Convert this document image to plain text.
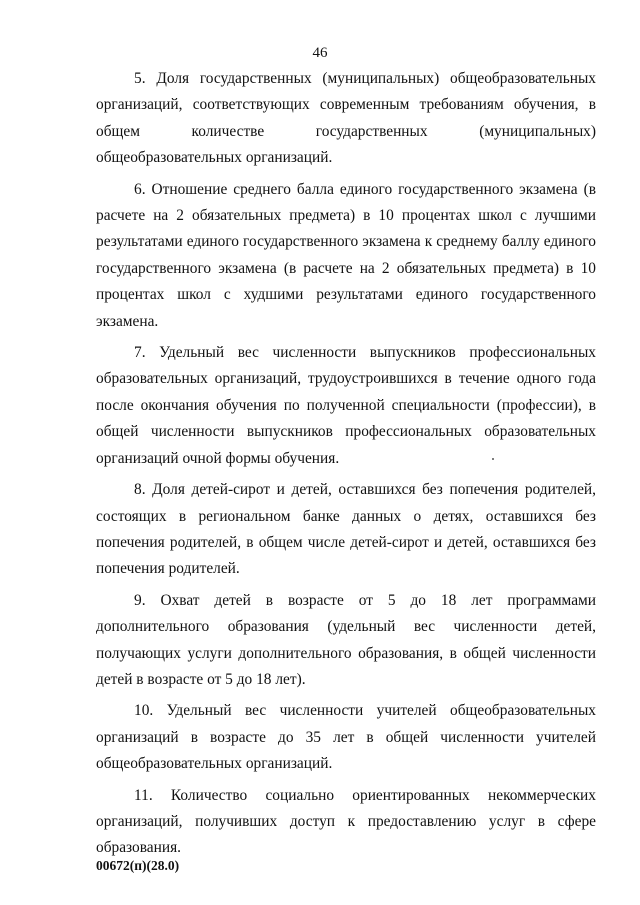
46

5. Доля государственных (муниципальных) общеобразовательных организаций, соответствующих современным требованиям обучения, в общем количестве государственных (муниципальных) общеобразовательных организаций.

6. Отношение среднего балла единого государственного экзамена (в расчете на 2 обязательных предмета) в 10 процентах школ с лучшими результатами единого государственного экзамена к среднему баллу единого государственного экзамена (в расчете на 2 обязательных предмета) в 10 процентах школ с худшими результатами единого государственного экзамена.

7. Удельный вес численности выпускников профессиональных образовательных организаций, трудоустроившихся в течение одного года после окончания обучения по полученной специальности (профессии), в общей численности выпускников профессиональных образовательных организаций очной формы обучения.

8. Доля детей-сирот и детей, оставшихся без попечения родителей, состоящих в региональном банке данных о детях, оставшихся без попечения родителей, в общем числе детей-сирот и детей, оставшихся без попечения родителей.

9. Охват детей в возрасте от 5 до 18 лет программами дополнительного образования (удельный вес численности детей, получающих услуги дополнительного образования, в общей численности детей в возрасте от 5 до 18 лет).

10. Удельный вес численности учителей общеобразовательных организаций в возрасте до 35 лет в общей численности учителей общеобразовательных организаций.

11. Количество социально ориентированных некоммерческих организаций, получивших доступ к предоставлению услуг в сфере образования.

00672(п)(28.0)
